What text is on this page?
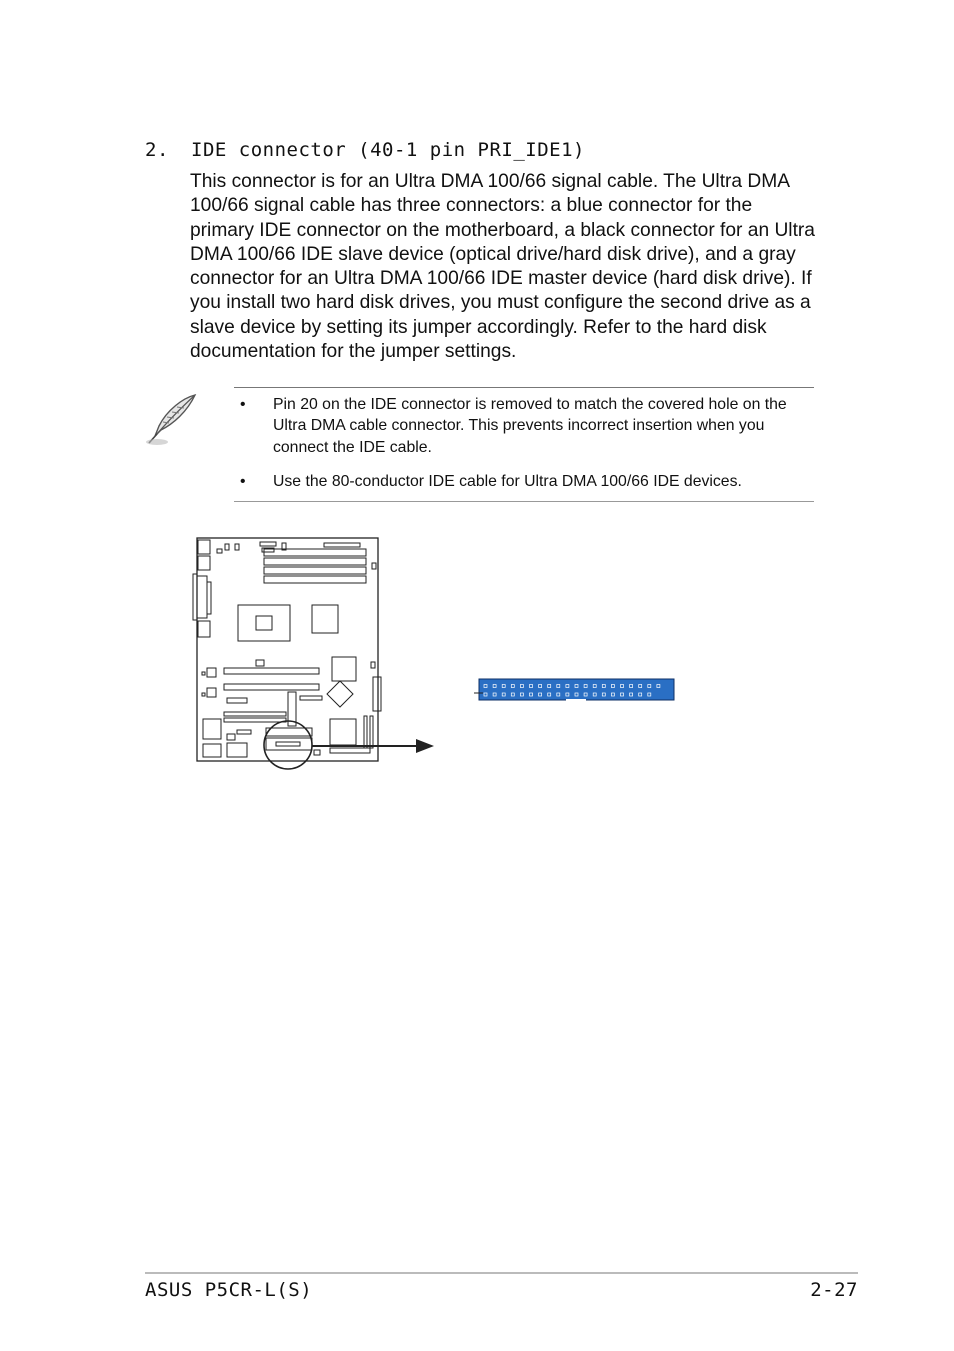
2. IDE connector (40-1 pin PRI_IDE1)

This connector is for an Ultra DMA 100/66 signal cable. The Ultra DMA 100/66 signal cable has three connectors: a blue connector for the primary IDE connector on the motherboard, a black connector for an Ultra DMA 100/66 IDE slave device (optical drive/hard disk drive), and a gray connector for an Ultra DMA 100/66 IDE master device (hard disk drive). If you install two hard disk drives, you must configure the second drive as a slave device by setting its jumper accordingly. Refer to the hard disk documentation for the jumper settings.

• Pin 20 on the IDE connector is removed to match the covered hole on the Ultra DMA cable connector. This prevents incorrect insertion when you connect the IDE cable.
• Use the 80-conductor IDE cable for Ultra DMA 100/66 IDE devices.
ASUS P5CR-L(S)	2-27
